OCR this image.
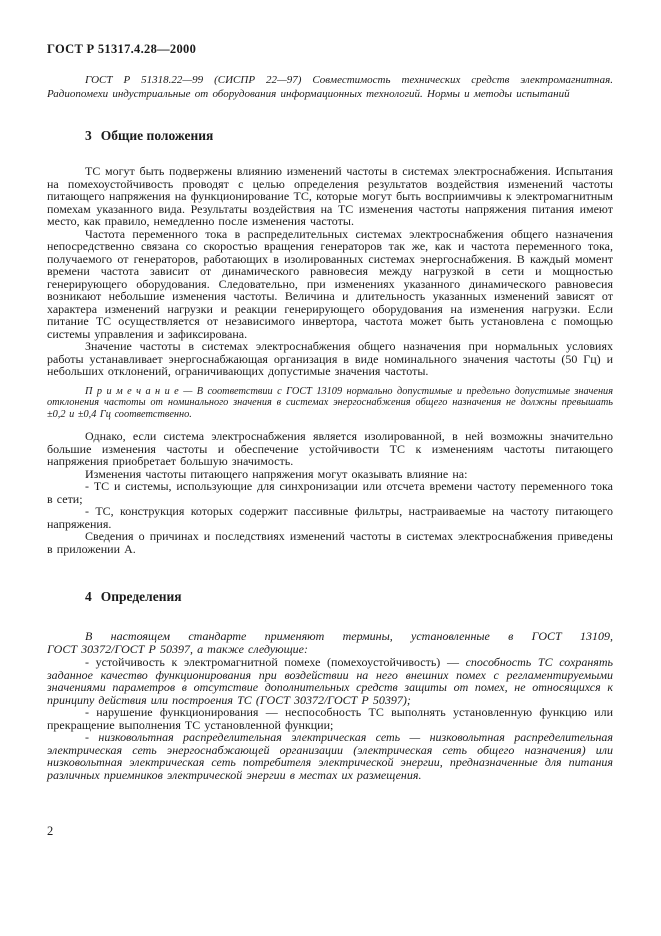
ГОСТ Р 51317.4.28—2000

ГОСТ Р 51318.22—99 (СИСПР 22—97) Совместимость технических средств электромагнитная. Радиопомехи индустриальные от оборудования информационных технологий. Нормы и методы испытаний

3 Общие положения

ТС могут быть подвержены влиянию изменений частоты в системах электроснабжения. Испытания на помехоустойчивость проводят с целью определения результатов воздействия изменений частоты питающего напряжения на функционирование ТС, которые могут быть восприимчивы к электромагнитным помехам указанного вида. Результаты воздействия на ТС изменения частоты напряжения питания имеют место, как правило, немедленно после изменения частоты.

Частота переменного тока в распределительных системах электроснабжения общего назначения непосредственно связана со скоростью вращения генераторов так же, как и частота переменного тока, получаемого от генераторов, работающих в изолированных системах энергоснабжения. В каждый момент времени частота зависит от динамического равновесия между нагрузкой в сети и мощностью генерирующего оборудования. Следовательно, при изменениях указанного динамического равновесия возникают небольшие изменения частоты. Величина и длительность указанных изменений зависят от характера изменений нагрузки и реакции генерирующего оборудования на изменения нагрузки. Если питание ТС осуществляется от независимого инвертора, частота может быть установлена с помощью системы управления и зафиксирована.

Значение частоты в системах электроснабжения общего назначения при нормальных условиях работы устанавливает энергоснабжающая организация в виде номинального значения частоты (50 Гц) и небольших отклонений, ограничивающих допустимые значения частоты.

П р и м е ч а н и е — В соответствии с ГОСТ 13109 нормально допустимые и предельно допустимые значения отклонения частоты от номинального значения в системах энергоснабжения общего назначения не должны превышать ±0,2 и ±0,4 Гц соответственно.

Однако, если система электроснабжения является изолированной, в ней возможны значительно большие изменения частоты и обеспечение устойчивости ТС к изменениям частоты питающего напряжения приобретает большую значимость.

Изменения частоты питающего напряжения могут оказывать влияние на:

- ТС и системы, использующие для синхронизации или отсчета времени частоту переменного тока в сети;

- ТС, конструкция которых содержит пассивные фильтры, настраиваемые на частоту питающего напряжения.

Сведения о причинах и последствиях изменений частоты в системах электроснабжения приведены в приложении А.

4 Определения

В настоящем стандарте применяют термины, установленные в ГОСТ 13109,
ГОСТ 30372/ГОСТ Р 50397, а также следующие:

- устойчивость к электромагнитной помехе (помехоустойчивость) — способность ТС сохранять заданное качество функционирования при воздействии на него внешних помех с регламентируемыми значениями параметров в отсутствие дополнительных средств защиты от помех, не относящихся к принципу действия или построения ТС (ГОСТ 30372/ГОСТ Р 50397);

- нарушение функционирования — неспособность ТС выполнять установленную функцию или прекращение выполнения ТС установленной функции;

- низковольтная распределительная электрическая сеть — низковольтная распределительная электрическая сеть энергоснабжающей организации (электрическая сеть общего назначения) или низковольтная электрическая сеть потребителя электрической энергии, предназначенные для питания различных приемников электрической энергии в местах их размещения.

2
